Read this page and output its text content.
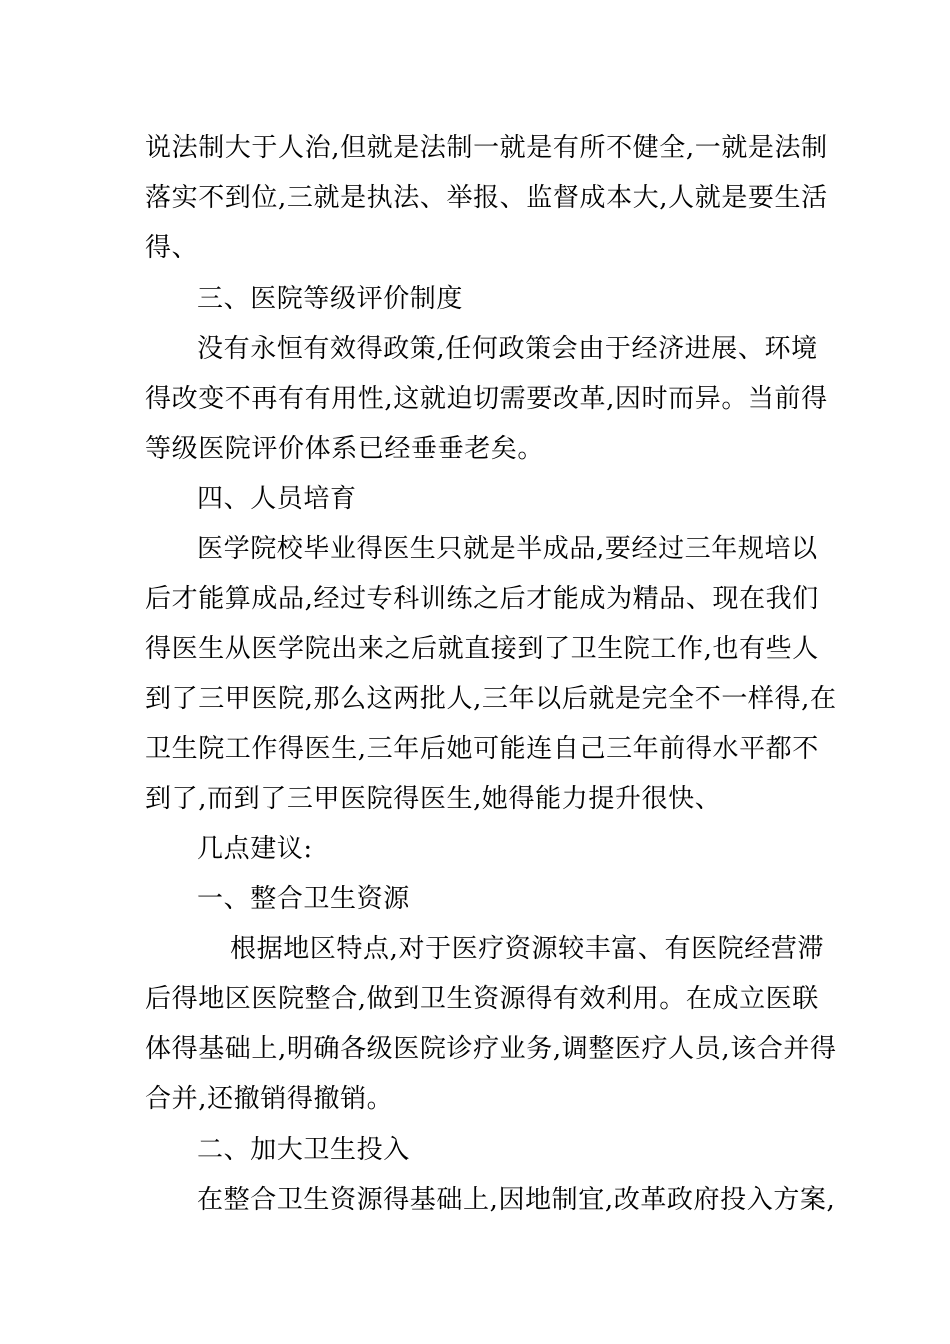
说法制大于人治,但就是法制一就是有所不健全,一就是法制
落实不到位,三就是执法、举报、监督成本大,人就是要生活
得、
三、医院等级评价制度
没有永恒有效得政策,任何政策会由于经济进展、环境
得改变不再有有用性,这就迫切需要改革,因时而异。当前得
等级医院评价体系已经垂垂老矣。
四、人员培育
医学院校毕业得医生只就是半成品,要经过三年规培以
后才能算成品,经过专科训练之后才能成为精品、现在我们
得医生从医学院出来之后就直接到了卫生院工作,也有些人
到了三甲医院,那么这两批人,三年以后就是完全不一样得,在
卫生院工作得医生,三年后她可能连自己三年前得水平都不
到了,而到了三甲医院得医生,她得能力提升很快、
几点建议:
一、整合卫生资源
根据地区特点,对于医疗资源较丰富、有医院经营滞
后得地区医院整合,做到卫生资源得有效利用。在成立医联
体得基础上,明确各级医院诊疗业务,调整医疗人员,该合并得
合并,还撤销得撤销。
二、加大卫生投入
在整合卫生资源得基础上,因地制宜,改革政府投入方案,
